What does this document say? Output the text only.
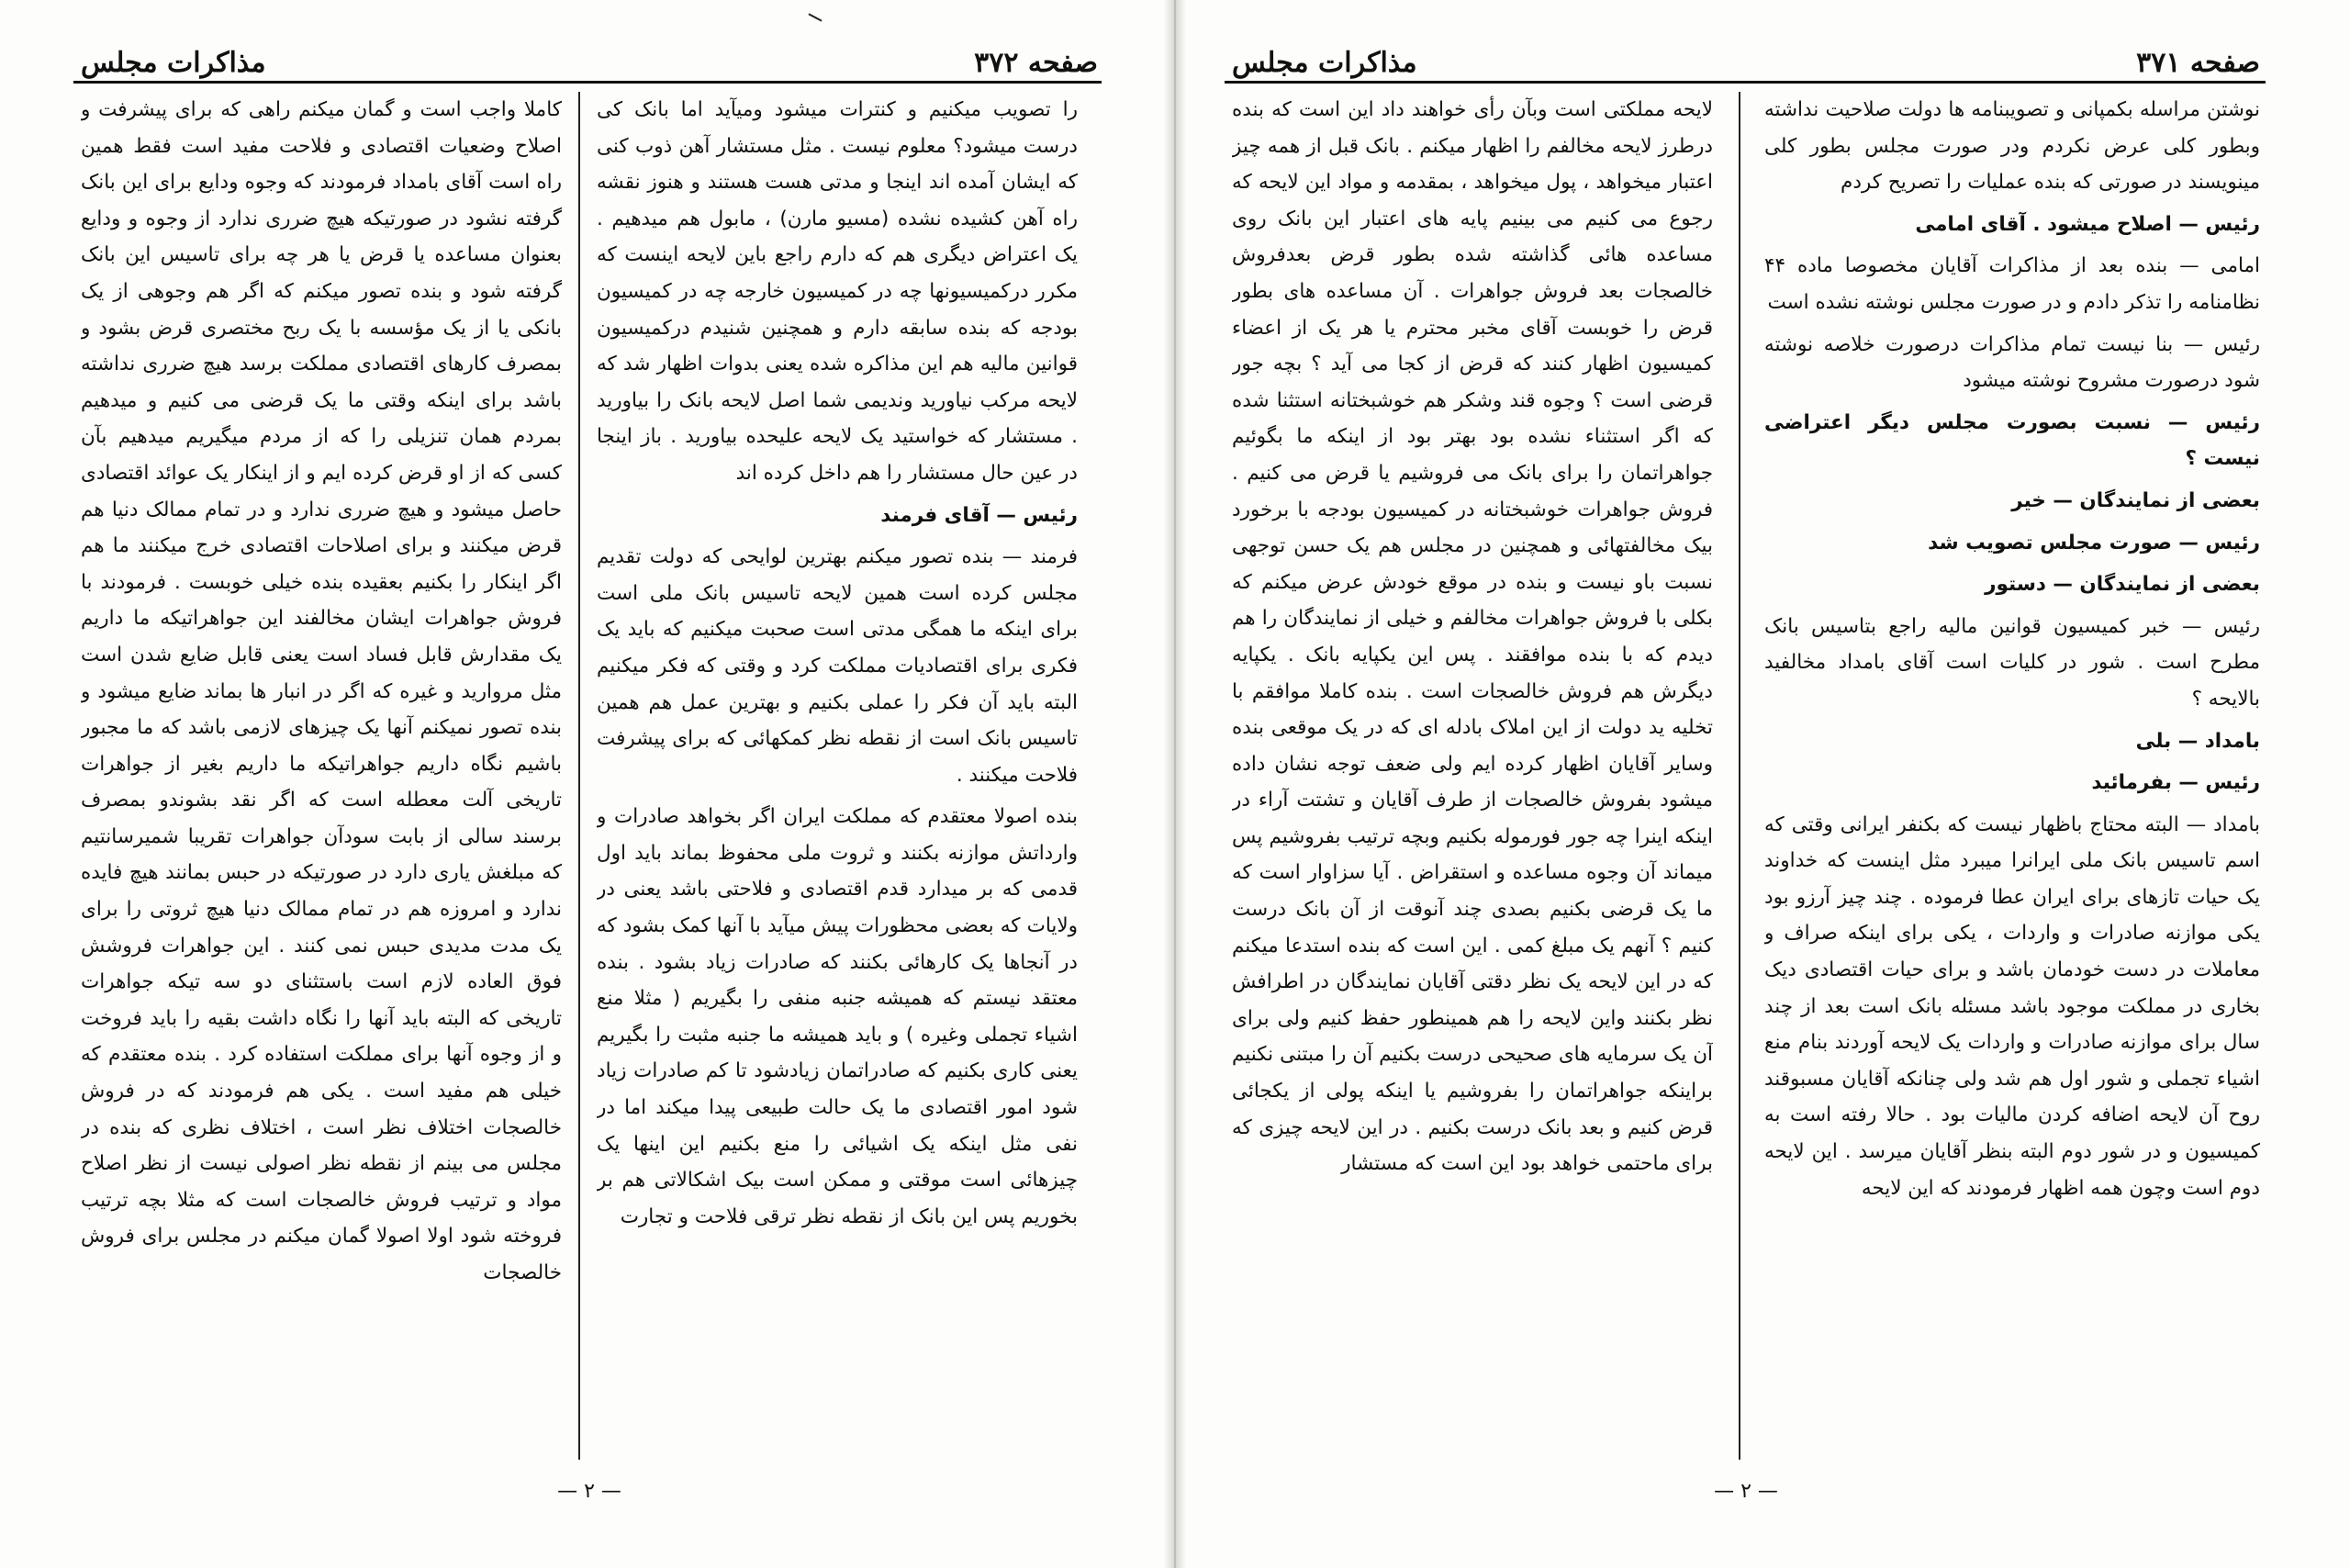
صفحه ۳۷۲
مذاکرات مجلس

را تصویب میکنیم و کنترات میشود ومیآید اما بانک کی درست میشود؟ معلوم نیست . مثل مستشار آهن ذوب کنی که ایشان آمده اند اینجا و مدتی هست هستند و هنوز نقشه راه آهن کشیده نشده (مسیو مارن) ، مابول هم میدهیم . یک اعتراض دیگری هم که دارم راجع باین لایحه اینست که مکرر درکمیسیونها چه در کمیسیون خارجه چه در کمیسیون بودجه که بنده سابقه دارم و همچنین شنیدم درکمیسیون قوانین مالیه هم این مذاکره شده یعنی بدوات اظهار شد که لایحه مرکب نیاورید وندیمی شما اصل لایحه بانک را بیاورید . مستشار که خواستید یک لایحه علیحده بیاورید . باز اینجا در عین حال مستشار را هم داخل کرده اند

رئیس — آقای فرمند

فرمند — بنده تصور میکنم بهترین لوایحی که دولت تقدیم مجلس کرده است همین لایحه تاسیس بانک ملی است برای اینکه ما همگی مدتی است صحبت میکنیم که باید یک فکری برای اقتصادیات مملکت کرد و وقتی که فکر میکنیم البته باید آن فکر را عملی بکنیم و بهترین عمل هم همین تاسیس بانک است از نقطه نظر کمکهائی که برای پیشرفت فلاحت میکنند .

بنده اصولا معتقدم که مملکت ایران اگر بخواهد صادرات و وارداتش موازنه بکنند و ثروت ملی محفوظ بماند باید اول قدمی که بر میدارد قدم اقتصادی و فلاحتی باشد یعنی در ولایات که بعضی محظورات پیش میآید با آنها کمک بشود که در آنجاها یک کارهائی بکنند که صادرات زیاد بشود . بنده معتقد نیستم که همیشه جنبه منفی را بگیریم ( مثلا منع اشیاء تجملی وغیره ) و باید همیشه ما جنبه مثبت را بگیریم یعنی کاری بکنیم که صادراتمان زیادشود تا کم صادرات زیاد شود امور اقتصادی ما یک حالت طبیعی پیدا میکند اما در نفی مثل اینکه یک اشیائی را منع بکنیم این اینها یک چیزهائی است موقتی و ممکن است بیک اشکالاتی هم بر بخوریم پس این بانک از نقطه نظر ترقی فلاحت و تجارت

کاملا واجب است و گمان میکنم راهی که برای پیشرفت و اصلاح وضعیات اقتصادی و فلاحت مفید است فقط همین راه است آقای بامداد فرمودند که وجوه ودایع برای این بانک گرفته نشود در صورتیکه هیچ ضرری ندارد از وجوه و ودایع بعنوان مساعده یا قرض یا هر چه برای تاسیس این بانک گرفته شود و بنده تصور میکنم که اگر هم وجوهی از یک بانکی یا از یک مؤسسه با یک ربح مختصری قرض بشود و بمصرف کارهای اقتصادی مملکت برسد هیچ ضرری نداشته باشد برای اینکه وقتی ما یک قرضی می کنیم و میدهیم بمردم همان تنزیلی را که از مردم میگیریم میدهیم بآن کسی که از او قرض کرده ایم و از اینکار یک عوائد اقتصادی حاصل میشود و هیچ ضرری ندارد و در تمام ممالک دنیا هم قرض میکنند و برای اصلاحات اقتصادی خرج میکنند ما هم اگر اینکار را بکنیم بعقیده بنده خیلی خوبست . فرمودند با فروش جواهرات ایشان مخالفند این جواهراتیکه ما داریم یک مقدارش قابل فساد است یعنی قابل ضایع شدن است مثل مروارید و غیره که اگر در انبار ها بماند ضایع میشود و بنده تصور نمیکنم آنها یک چیزهای لازمی باشد که ما مجبور باشیم نگاه داریم جواهراتیکه ما داریم بغیر از جواهرات تاریخی آلت معطله است که اگر نقد بشوندو بمصرف برسند سالی از بابت سودآن جواهرات تقریبا شمیرسانتیم که مبلغش یاری دارد در صورتیکه در حبس بمانند هیچ فایده ندارد و امروزه هم در تمام ممالک دنیا هیچ ثروتی را برای یک مدت مدیدی حبس نمی کنند . این جواهرات فروشش فوق العاده لازم است باستثنای دو سه تیکه جواهرات تاریخی که البته باید آنها را نگاه داشت بقیه را باید فروخت و از وجوه آنها برای مملکت استفاده کرد . بنده معتقدم که خیلی هم مفید است . یکی هم فرمودند که در فروش خالصجات اختلاف نظر است ، اختلاف نظری که بنده در مجلس می بینم از نقطه نظر اصولی نیست از نظر اصلاح مواد و ترتیب فروش خالصجات است که مثلا بچه ترتیب فروخته شود اولا اصولا گمان میکنم در مجلس برای فروش خالصجات

— ۲ —
صفحه ۳۷۱
مذاکرات مجلس

نوشتن مراسله بکمپانی و تصویبنامه ها دولت صلاحیت نداشته وبطور کلی عرض نکردم ودر صورت مجلس بطور کلی مینویسند در صورتی که بنده عملیات را تصریح کردم

رئیس — اصلاح میشود . آقای امامی

امامی — بنده بعد از مذاکرات آقایان مخصوصا ماده ۴۴ نظامنامه را تذکر دادم و در صورت مجلس نوشته نشده است

رئیس — بنا نیست تمام مذاکرات درصورت خلاصه نوشته شود درصورت مشروح نوشته میشود

رئیس — نسبت بصورت مجلس دیگر اعتراضی نیست ؟

بعضی از نمایندگان — خیر

رئیس — صورت مجلس تصویب شد

بعضی از نمایندگان — دستور

رئیس — خبر کمیسیون قوانین مالیه راجع بتاسیس بانک مطرح است . شور در کلیات است آقای بامداد مخالفید بالایحه ؟

بامداد — بلی

رئیس — بفرمائید

بامداد — البته محتاج باظهار نیست که بکنفر ایرانی وقتی که اسم تاسیس بانک ملی ایرانرا میبرد مثل اینست که خداوند یک حیات تازهای برای ایران عطا فرموده . چند چیز آرزو بود یکی موازنه صادرات و واردات ، یکی برای اینکه صراف و معاملات در دست خودمان باشد و برای حیات اقتصادی دیک بخاری در مملکت موجود باشد مسئله بانک است بعد از چند سال برای موازنه صادرات و واردات یک لایحه آوردند بنام منع اشیاء تجملی و شور اول هم شد ولی چنانکه آقایان مسبوقند روح آن لایحه اضافه کردن مالیات بود . حالا رفته است به کمیسیون و در شور دوم البته بنظر آقایان میرسد . این لایحه دوم است وچون همه اظهار فرمودند که این لایحه

لایحه مملکتی است وبآن رأی خواهند داد این است که بنده درطرز لایحه مخالفم را اظهار میکنم . بانک قبل از همه چیز اعتبار میخواهد ، پول میخواهد ، بمقدمه و مواد این لایحه که رجوع می کنیم می بینیم پایه های اعتبار این بانک روی مساعده هائی گذاشته شده بطور قرض بعدفروش خالصجات بعد فروش جواهرات . آن مساعده های بطور قرض را خوبست آقای مخبر محترم یا هر یک از اعضاء کمیسیون اظهار کنند که قرض از کجا می آید ؟ بچه جور قرضی است ؟ وجوه قند وشکر هم خوشبختانه استثنا شده که اگر استثناء نشده بود بهتر بود از اینکه ما بگوئیم جواهراتمان را برای بانک می فروشیم یا قرض می کنیم . فروش جواهرات خوشبختانه در کمیسیون بودجه با برخورد بیک مخالفتهائی و همچنین در مجلس هم یک حسن توجهی نسبت باو نیست و بنده در موقع خودش عرض میکنم که بکلی با فروش جواهرات مخالفم و خیلی از نمایندگان را هم دیدم که با بنده موافقند . پس این یکپایه بانک . یکپایه دیگرش هم فروش خالصجات است . بنده کاملا موافقم با تخلیه ید دولت از این املاک بادله ای که در یک موقعی بنده وسایر آقایان اظهار کرده ایم ولی ضعف توجه نشان داده میشود بفروش خالصجات از طرف آقایان و تشتت آراء در اینکه اینرا چه جور فورموله بکنیم وبچه ترتیب بفروشیم پس میماند آن وجوه مساعده و استقراض . آیا سزاوار است که ما یک قرضی بکنیم بصدی چند آنوقت از آن بانک درست کنیم ؟ آنهم یک مبلغ کمی . این است که بنده استدعا میکنم که در این لایحه یک نظر دقتی آقایان نمایندگان در اطرافش نظر بکنند واین لایحه را هم همینطور حفظ کنیم ولی برای آن یک سرمایه های صحیحی درست بکنیم آن را مبتنی نکنیم براینکه جواهراتمان را بفروشیم یا اینکه پولی از یکجائی قرض کنیم و بعد بانک درست بکنیم . در این لایحه چیزی که برای ماحتمی خواهد بود این است که مستشار

— ۲ —
